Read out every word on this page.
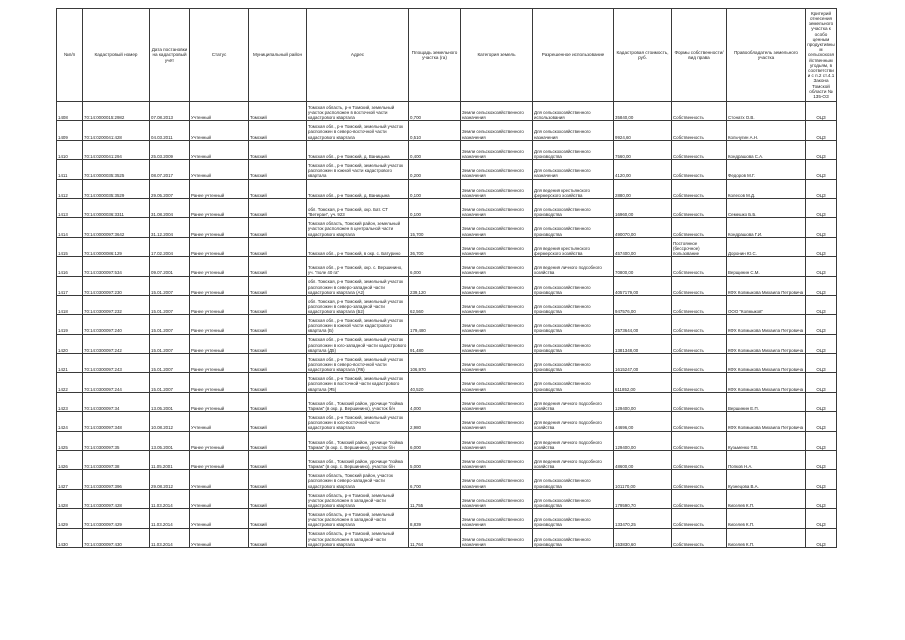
№п/п	Кадастровый номер	Дата постановки на кадастровый учёт	Статус	Муниципальный район	Адрес	Площадь земельного участка (га)	Категория земель	Разрешенное использование	Кадастровая стоимость, руб.	Формы собственности/вид права	Правообладатель земельного участка	Критерий отнесения земельного участка к особо ценным продуктивным сельскохозяйственным угодьям, в соответствии с п.2 ст.4.1 Закона Томской области № 135-ОЗ
1408	70:14:0000015:2982	07.08.2013	Учтенный	Томский	Томская область, р-н Томский, земельный участок расположен в восточной части кадастрового квартала	0,700	Земли сельскохозяйственного назначения	Для сельскохозяйственного использования	35840,00	Собственность	Стонатх О.В.	ОЦЗ
1409	70:14:0200041:428	04.03.2011	Учтенный	Томский	Томская обл., р-н Томский, земельный участок расположен в северо-восточной части кадастрового квартала	0,510	Земли сельскохозяйственного назначения	Для сельскохозяйственного назначения	9924,60	Собственность	Кольчугин А.Н.	ОЦЗ
1410	70:14:0200041:294	25.03.2009	Учтенный	Томский	Томская обл., р-н Томский, д. Ваницына	0,400	Земли сельскохозяйственного назначения	Для сельскохозяйственного производства	7560,00	Собственность	Кондрашова С.А.	ОЦЗ
1411	70:14:0000035:3525	08.07.2017	Учтенный	Томский	Томская обл., р-н Томский, земельный участок расположен в южной части кадастрового квартала	0,200	Земли сельскохозяйственного назначения	Для сельскохозяйственного назначения	4120,00	Собственность	Федоров М.Г.	ОЦЗ
1412	70:14:0000035:3529	29.05.2007	Ранее учтенный	Томский	Томская обл., р-н Томский, д. Ваницына	0,100	Земли сельскохозяйственного назначения	Для ведения крестьянского фермерского хозяйства	2880,00	Собственность	Колесов М.Д.	ОЦЗ
1413	70:14:0000036:3311	31.08.2004	Ранее учтенный	Томский	обл. Томская, р-н Томский, окр. Бат. СТ "Ветеран", уч. 923	0,100	Земли сельскохозяйственного назначения	Для сельскохозяйственного производства	16960,00	Собственность	Семешко Б.Б.	ОЦЗ
1414	70:14:0000097:3642	31.12.2004	Ранее учтенный	Томский	Томская область, Томский район, земельный участок расположен в центральной части кадастрового квартала	15,700	Земли сельскохозяйственного назначения	Для сельскохозяйственного производства	490070,00	Собственность	Кондрашова Г.И.	ОЦЗ
1415	70:14:0000086:129	17.02.2004	Ранее учтенный	Томский	Томская обл., р-н Томский, в окр. с. Батурино	36,700	Земли сельскохозяйственного назначения	Для ведения крестьянского фермерского хозяйства	457400,00	Постоянное (бессрочное) пользование	Доронин Ю.С.	ОЦЗ
1416	70:14:0300097:534	09.07.2001	Ранее учтенный	Томский	Томская обл., р-н Томский, окр. с. Вершинино, уч. "поле 40 га"	6,000	Земли сельскохозяйственного назначения	Для ведения личного подсобного хозяйства	70800,00	Собственность	Верщинин С.М.	ОЦЗ
1417	70:14:0300097:230	15.01.2007	Ранее учтенный	Томский	обл. Томская, р-н Томский, земельный участок расположен в северо-западной части кадастрового квартала (А2)	239,120	Земли сельскохозяйственного назначения	Для сельскохозяйственного производства	4057179,00	Собственность	КФХ Колмыкова Михаила Петровича	ОЦЗ
1418	70:14:0300097:232	15.01.2007	Ранее учтенный	Томский	обл. Томская, р-н Томский, земельный участок расположен в северо-западной части кадастрового квартала (Б2)	62,560	Земли сельскохозяйственного назначения	Для сельскохозяйственного производства	947576,00	Собственность	ООО "Колмыков"	ОЦЗ
1419	70:14:0300097:240	15.01.2007	Ранее учтенный	Томский	Томская обл., р-н Томский, земельный участок расположен в южной части кадастрового квартала (Б)	179,480	Земли сельскохозяйственного назначения	Для сельскохозяйственного производства	2573644,00	Собственность	КФХ Колмыкова Михаила Петровича	ОЦЗ
1420	70:14:0300097:242	15.01.2007	Ранее учтенный	Томский	Томская обл., р-н Томский, земельный участок расположен в юго-западной части кадастрового квартала (Д5)	91,480	Земли сельскохозяйственного назначения	Для сельскохозяйственного производства	1381348,00	Собственность	КФХ Колмыкова Михаила Петровича	ОЦЗ
1421	70:14:0300097:243	15.01.2007	Ранее учтенный	Томский	Томская обл., р-н Томский, земельный участок расположен в северо-восточной части кадастрового квартала (Я6)	106,970	Земли сельскохозяйственного назначения	Для сельскохозяйственного производства	1615247,00	Собственность	КФХ Колмыкова Михаила Петровича	ОЦЗ
1422	70:14:0300097:244	15.01.2007	Ранее учтенный	Томский	Томская обл., р-н Томский, земельный участок расположен в восточной части кадастрового квартала (Я5)	40,520	Земли сельскохозяйственного назначения	Для сельскохозяйственного производства	611852,00	Собственность	КФХ Колмыкова Михаила Петровича	ОЦЗ
1423	70:14:0300097:34	13.05.2001	Ранее учтенный	Томский	Томская обл., Томский район, урочище "пойма Тармак" (в окр. р. Вершинино), участок б/н	4,000	Земли сельскохозяйственного назначения	Для ведения личного подсобного хозяйства	129400,00	Собственность	Вершинин Е.П.	ОЦЗ
1424	70:14:0300097:348	10.08.2012	Учтенный	Томский	Томская обл., р-н Томский, земельный участок расположен в юго-восточной части кадастрового квартала	2,980	Земли сельскохозяйственного назначения	Для ведения личного подсобного хозяйства	44696,00	Собственность	КФХ Колмыкова Михаила Петровича	ОЦЗ
1425	70:14:0300097:35	13.05.2001	Ранее учтенный	Томский	Томская обл., Томский район, урочище "пойма Тармак" (в окр. с. Вершинино), участок б/н	6,000	Земли сельскохозяйственного назначения	Для ведения личного подсобного хозяйства	129400,00	Собственность	Кузьменко Т.В.	ОЦЗ
1426	70:14:0300097:38	11.05.2001	Ранее учтенный	Томский	Томская обл., Томский район, урочище "пойма Тармак" (в окр. с. Вершинино), участок б/н	5,000	Земли сельскохозяйственного назначения	Для ведения личного подсобного хозяйства	48600,00	Собственность	Попков Н.А.	ОЦЗ
1427	70:14:0300097:396	29.08.2012	Учтенный	Томский	Томская область, Томский район, участок расположен в северо-западной части кадастрового квартала	6,700	Земли сельскохозяйственного назначения	Для сельскохозяйственного производства	101170,00	Собственность	Кузнецова В.А.	ОЦЗ
1428	70:14:0300097:428	11.03.2014	Учтенный	Томский	Томская область, р-н Томский, земельный участок расположен в западной части кадастрового квартала	11,755	Земли сельскохозяйственного назначения	Для сельскохозяйственного производства	179590,70	Собственность	Киселев К.П.	ОЦЗ
1429	70:14:0300097:429	11.03.2014	Учтенный	Томский	Томская область, р-н Томский, земельный участок расположен в западной части кадастрового квартала	8,839	Земли сельскохозяйственного назначения	Для сельскохозяйственного производства	133470,25	Собственность	Киселев К.П.	ОЦЗ
1430	70:14:0300097:430	11.03.2014	Учтенный	Томский	Томская область, р-н Томский, земельный участок расположен в западной части кадастрового квартала	11,764	Земли сельскохозяйственного назначения	Для сельскохозяйственного производства	153830,60	Собственность	Киселев К.П.	ОЦЗ
